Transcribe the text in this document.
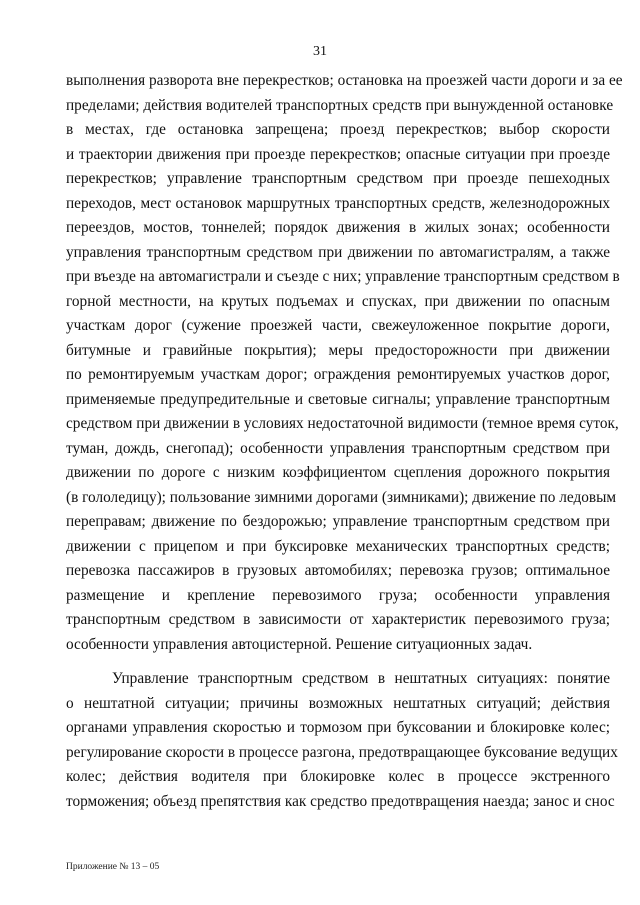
31
выполнения разворота вне перекрестков; остановка на проезжей части дороги и за ее
пределами; действия водителей транспортных средств при вынужденной остановке
в местах, где остановка запрещена; проезд перекрестков; выбор скорости
и траектории движения при проезде перекрестков; опасные ситуации при проезде
перекрестков; управление транспортным средством при проезде пешеходных
переходов, мест остановок маршрутных транспортных средств, железнодорожных
переездов, мостов, тоннелей; порядок движения в жилых зонах; особенности
управления транспортным средством при движении по автомагистралям, а также
при въезде на автомагистрали и съезде с них; управление транспортным средством в
горной местности, на крутых подъемах и спусках, при движении по опасным
участкам дорог (сужение проезжей части, свежеуложенное покрытие дороги,
битумные и гравийные покрытия); меры предосторожности при движении
по ремонтируемым участкам дорог; ограждения ремонтируемых участков дорог,
применяемые предупредительные и световые сигналы; управление транспортным
средством при движении в условиях недостаточной видимости (темное время суток,
туман, дождь, снегопад); особенности управления транспортным средством при
движении по дороге с низким коэффициентом сцепления дорожного покрытия
(в гололедицу); пользование зимними дорогами (зимниками); движение по ледовым
переправам; движение по бездорожью; управление транспортным средством при
движении с прицепом и при буксировке механических транспортных средств;
перевозка пассажиров в грузовых автомобилях; перевозка грузов; оптимальное
размещение и крепление перевозимого груза; особенности управления
транспортным средством в зависимости от характеристик перевозимого груза;
особенности управления автоцистерной. Решение ситуационных задач.
Управление транспортным средством в нештатных ситуациях: понятие
о нештатной ситуации; причины возможных нештатных ситуаций; действия
органами управления скоростью и тормозом при буксовании и блокировке колес;
регулирование скорости в процессе разгона, предотвращающее буксование ведущих
колес; действия водителя при блокировке колес в процессе экстренного
торможения; объезд препятствия как средство предотвращения наезда; занос и снос
Приложение № 13 – 05
